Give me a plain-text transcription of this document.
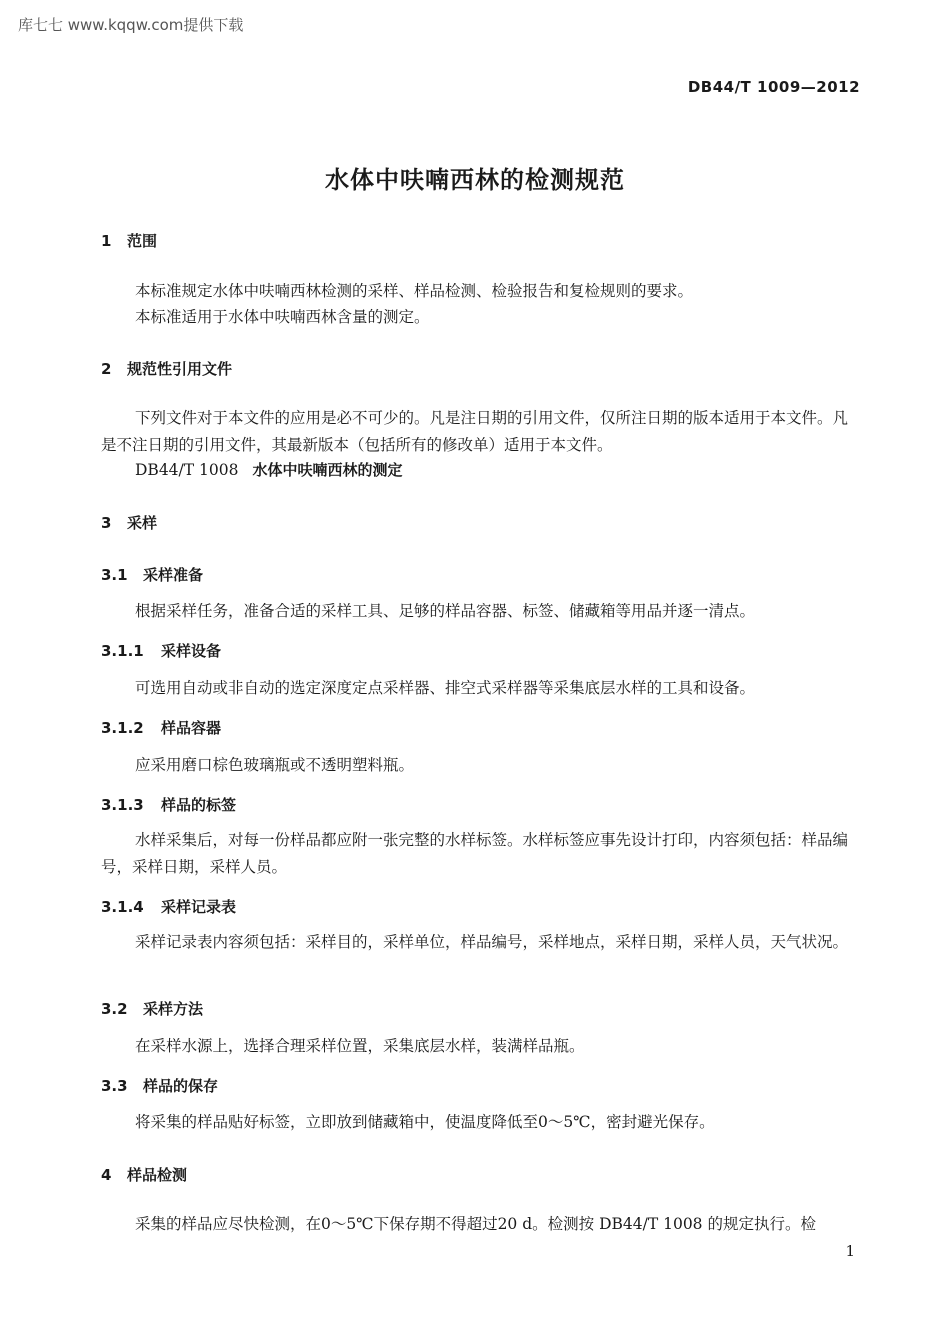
库七七 www.kqqw.com提供下载
DB44/T 1009—2012
水体中呋喃西林的检测规范
1 范围
本标准规定水体中呋喃西林检测的采样、样品检测、检验报告和复检规则的要求。
本标准适用于水体中呋喃西林含量的测定。
2 规范性引用文件
下列文件对于本文件的应用是必不可少的。凡是注日期的引用文件，仅所注日期的版本适用于本文件。凡是不注日期的引用文件，其最新版本（包括所有的修改单）适用于本文件。
DB44/T 1008 水体中呋喃西林的测定
3 采样
3.1 采样准备
根据采样任务，准备合适的采样工具、足够的样品容器、标签、储藏箱等用品并逐一清点。
3.1.1 采样设备
可选用自动或非自动的选定深度定点采样器、排空式采样器等采集底层水样的工具和设备。
3.1.2 样品容器
应采用磨口棕色玻璃瓶或不透明塑料瓶。
3.1.3 样品的标签
水样采集后，对每一份样品都应附一张完整的水样标签。水样标签应事先设计打印，内容须包括：样品编号，采样日期，采样人员。
3.1.4 采样记录表
采样记录表内容须包括：采样目的，采样单位，样品编号，采样地点，采样日期，采样人员，天气状况。
3.2 采样方法
在采样水源上，选择合理采样位置，采集底层水样，装满样品瓶。
3.3 样品的保存
将采集的样品贴好标签，立即放到储藏箱中，使温度降低至0～5℃，密封避光保存。
4 样品检测
采集的样品应尽快检测，在0～5℃下保存期不得超过20 d。检测按 DB44/T 1008 的规定执行。检
1
